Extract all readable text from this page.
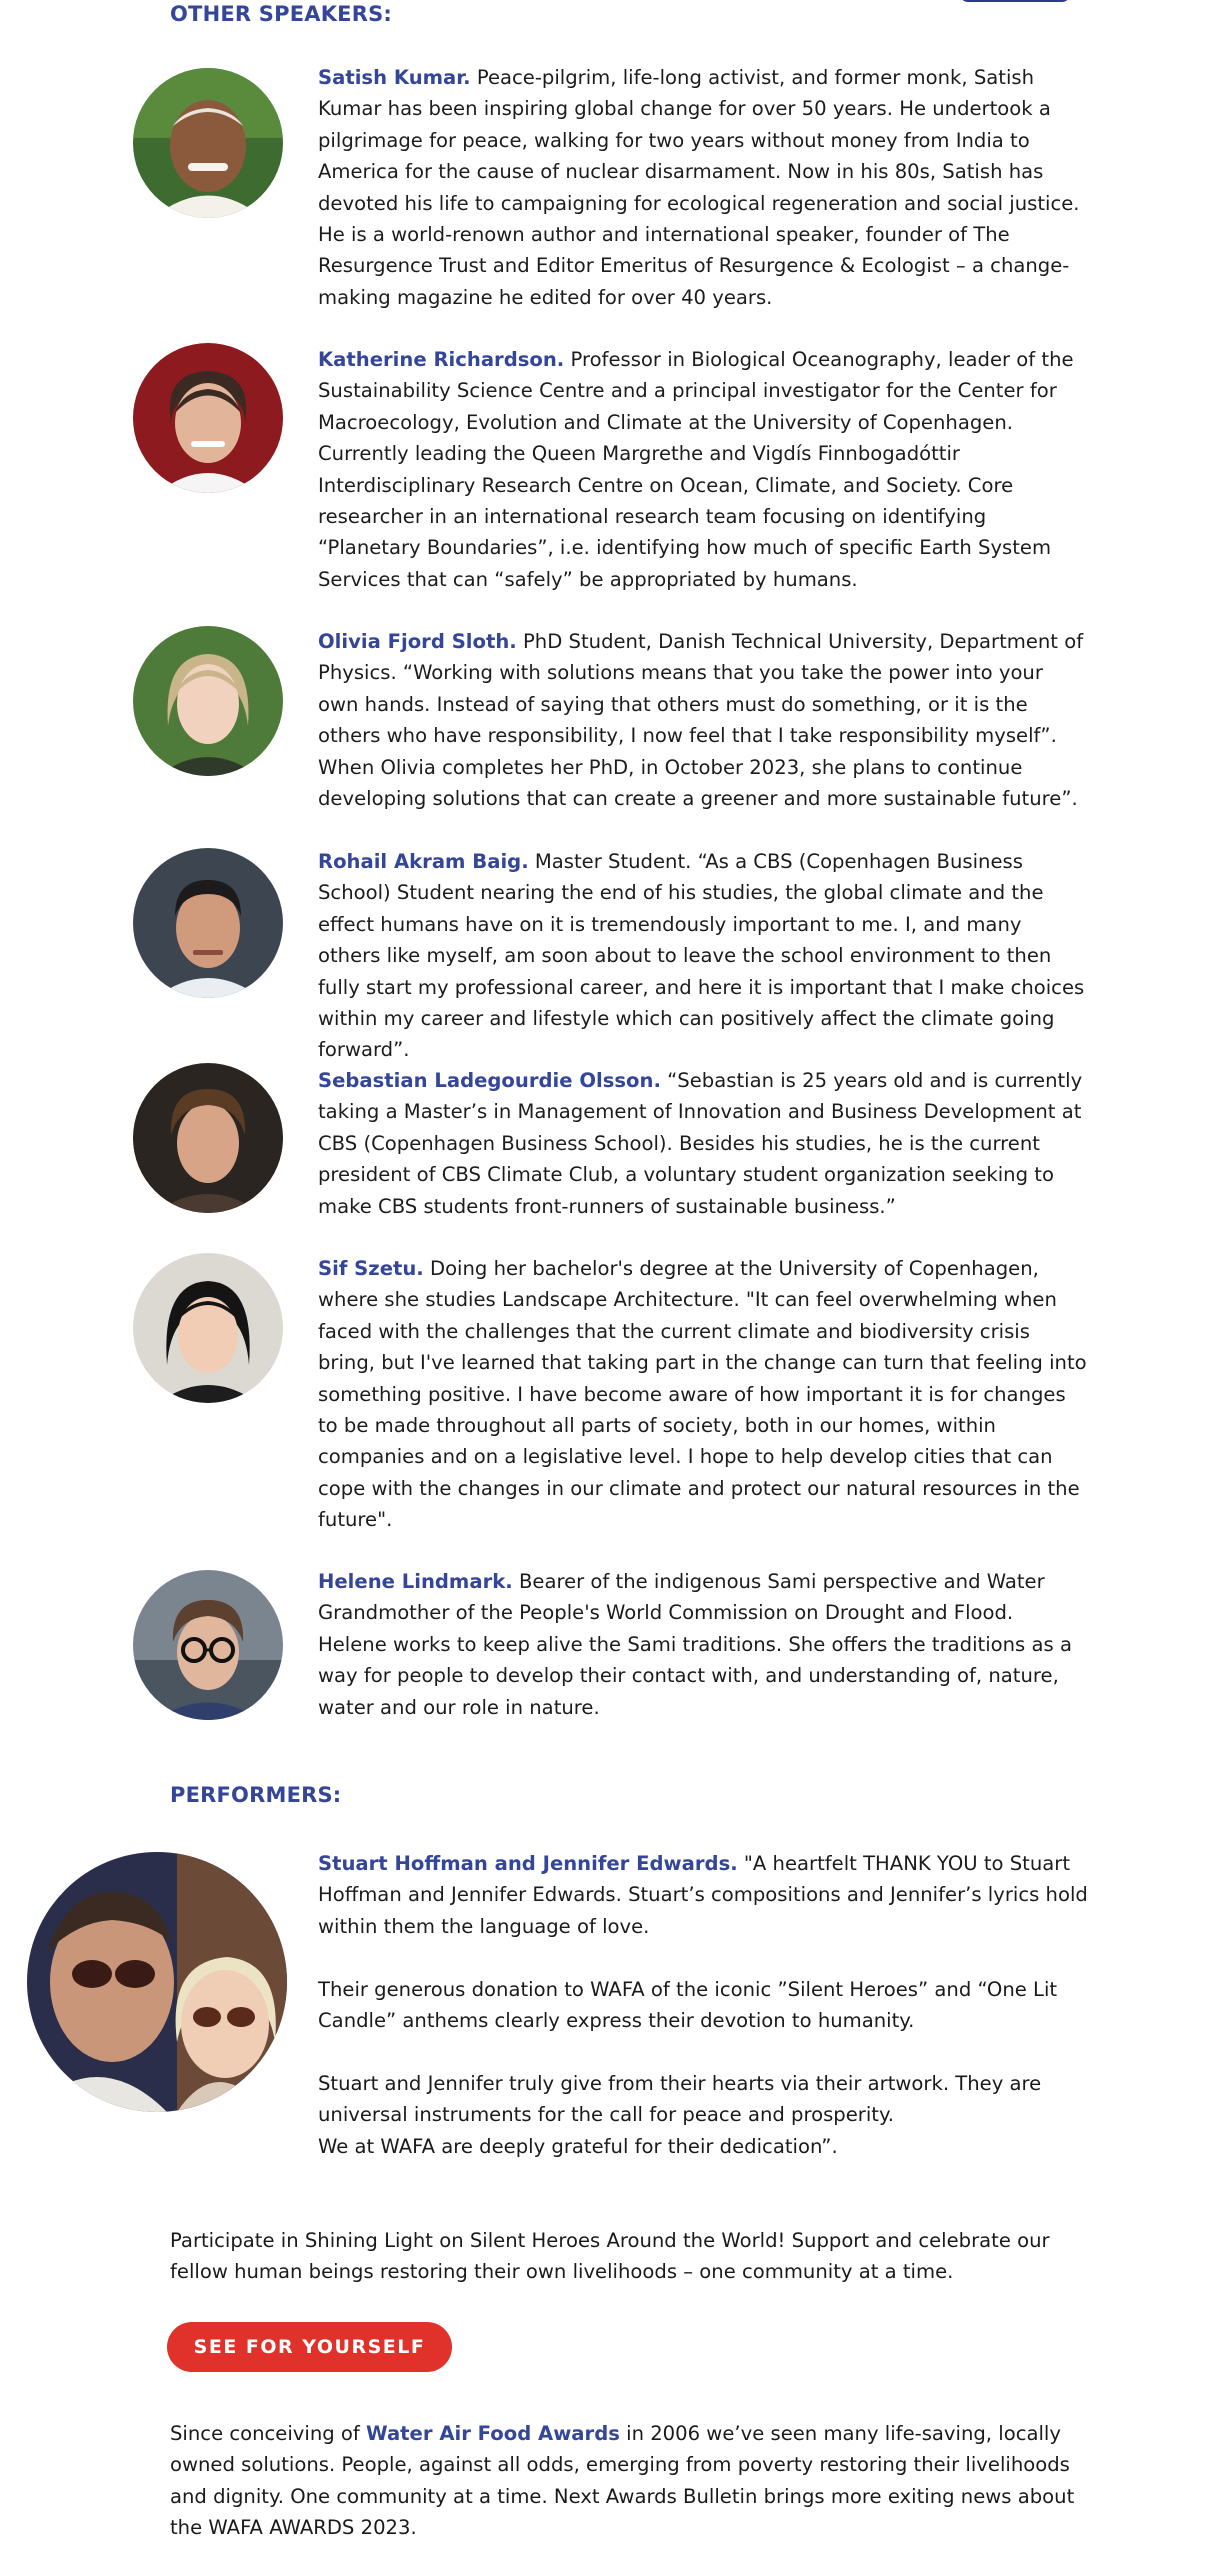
OTHER SPEAKERS:

Satish Kumar. Peace-pilgrim, life-long activist, and former monk, Satish Kumar has been inspiring global change for over 50 years. He undertook a pilgrimage for peace, walking for two years without money from India to America for the cause of nuclear disarmament. Now in his 80s, Satish has devoted his life to campaigning for ecological regeneration and social justice. He is a world-renown author and international speaker, founder of The Resurgence Trust and Editor Emeritus of Resurgence & Ecologist – a change-making magazine he edited for over 40 years.

Katherine Richardson. Professor in Biological Oceanography, leader of the Sustainability Science Centre and a principal investigator for the Center for Macroecology, Evolution and Climate at the University of Copenhagen. Currently leading the Queen Margrethe and Vigdís Finnbogadóttir Interdisciplinary Research Centre on Ocean, Climate, and Society. Core researcher in an international research team focusing on identifying “Planetary Boundaries”, i.e. identifying how much of specific Earth System Services that can “safely” be appropriated by humans.

Olivia Fjord Sloth. PhD Student, Danish Technical University, Department of Physics. “Working with solutions means that you take the power into your own hands. Instead of saying that others must do something, or it is the others who have responsibility, I now feel that I take responsibility myself”. When Olivia completes her PhD, in October 2023, she plans to continue developing solutions that can create a greener and more sustainable future”.

Rohail Akram Baig. Master Student. “As a CBS (Copenhagen Business School) Student nearing the end of his studies, the global climate and the effect humans have on it is tremendously important to me. I, and many others like myself, am soon about to leave the school environment to then fully start my professional career, and here it is important that I make choices within my career and lifestyle which can positively affect the climate going forward”.

Sebastian Ladegourdie Olsson. “Sebastian is 25 years old and is currently taking a Master’s in Management of Innovation and Business Development at CBS (Copenhagen Business School). Besides his studies, he is the current president of CBS Climate Club, a voluntary student organization seeking to make CBS students front-runners of sustainable business.”

Sif Szetu. Doing her bachelor's degree at the University of Copenhagen, where she studies Landscape Architecture. "It can feel overwhelming when faced with the challenges that the current climate and biodiversity crisis bring, but I've learned that taking part in the change can turn that feeling into something positive. I have become aware of how important it is for changes to be made throughout all parts of society, both in our homes, within companies and on a legislative level. I hope to help develop cities that can cope with the changes in our climate and protect our natural resources in the future".

Helene Lindmark. Bearer of the indigenous Sami perspective and Water Grandmother of the People's World Commission on Drought and Flood. Helene works to keep alive the Sami traditions. She offers the traditions as a way for people to develop their contact with, and understanding of, nature, water and our role in nature.

PERFORMERS:

Stuart Hoffman and Jennifer Edwards. "A heartfelt THANK YOU to Stuart Hoffman and Jennifer Edwards. Stuart’s compositions and Jennifer’s lyrics hold within them the language of love.

Their generous donation to WAFA of the iconic ”Silent Heroes” and “One Lit Candle” anthems clearly express their devotion to humanity.

Stuart and Jennifer truly give from their hearts via their artwork. They are universal instruments for the call for peace and prosperity.
We at WAFA are deeply grateful for their dedication”.

Participate in Shining Light on Silent Heroes Around the World! Support and celebrate our fellow human beings restoring their own livelihoods – one community at a time.

SEE FOR YOURSELF

Since conceiving of Water Air Food Awards in 2006 we’ve seen many life-saving, locally owned solutions. People, against all odds, emerging from poverty restoring their livelihoods and dignity. One community at a time. Next Awards Bulletin brings more exiting news about the WAFA AWARDS 2023.
